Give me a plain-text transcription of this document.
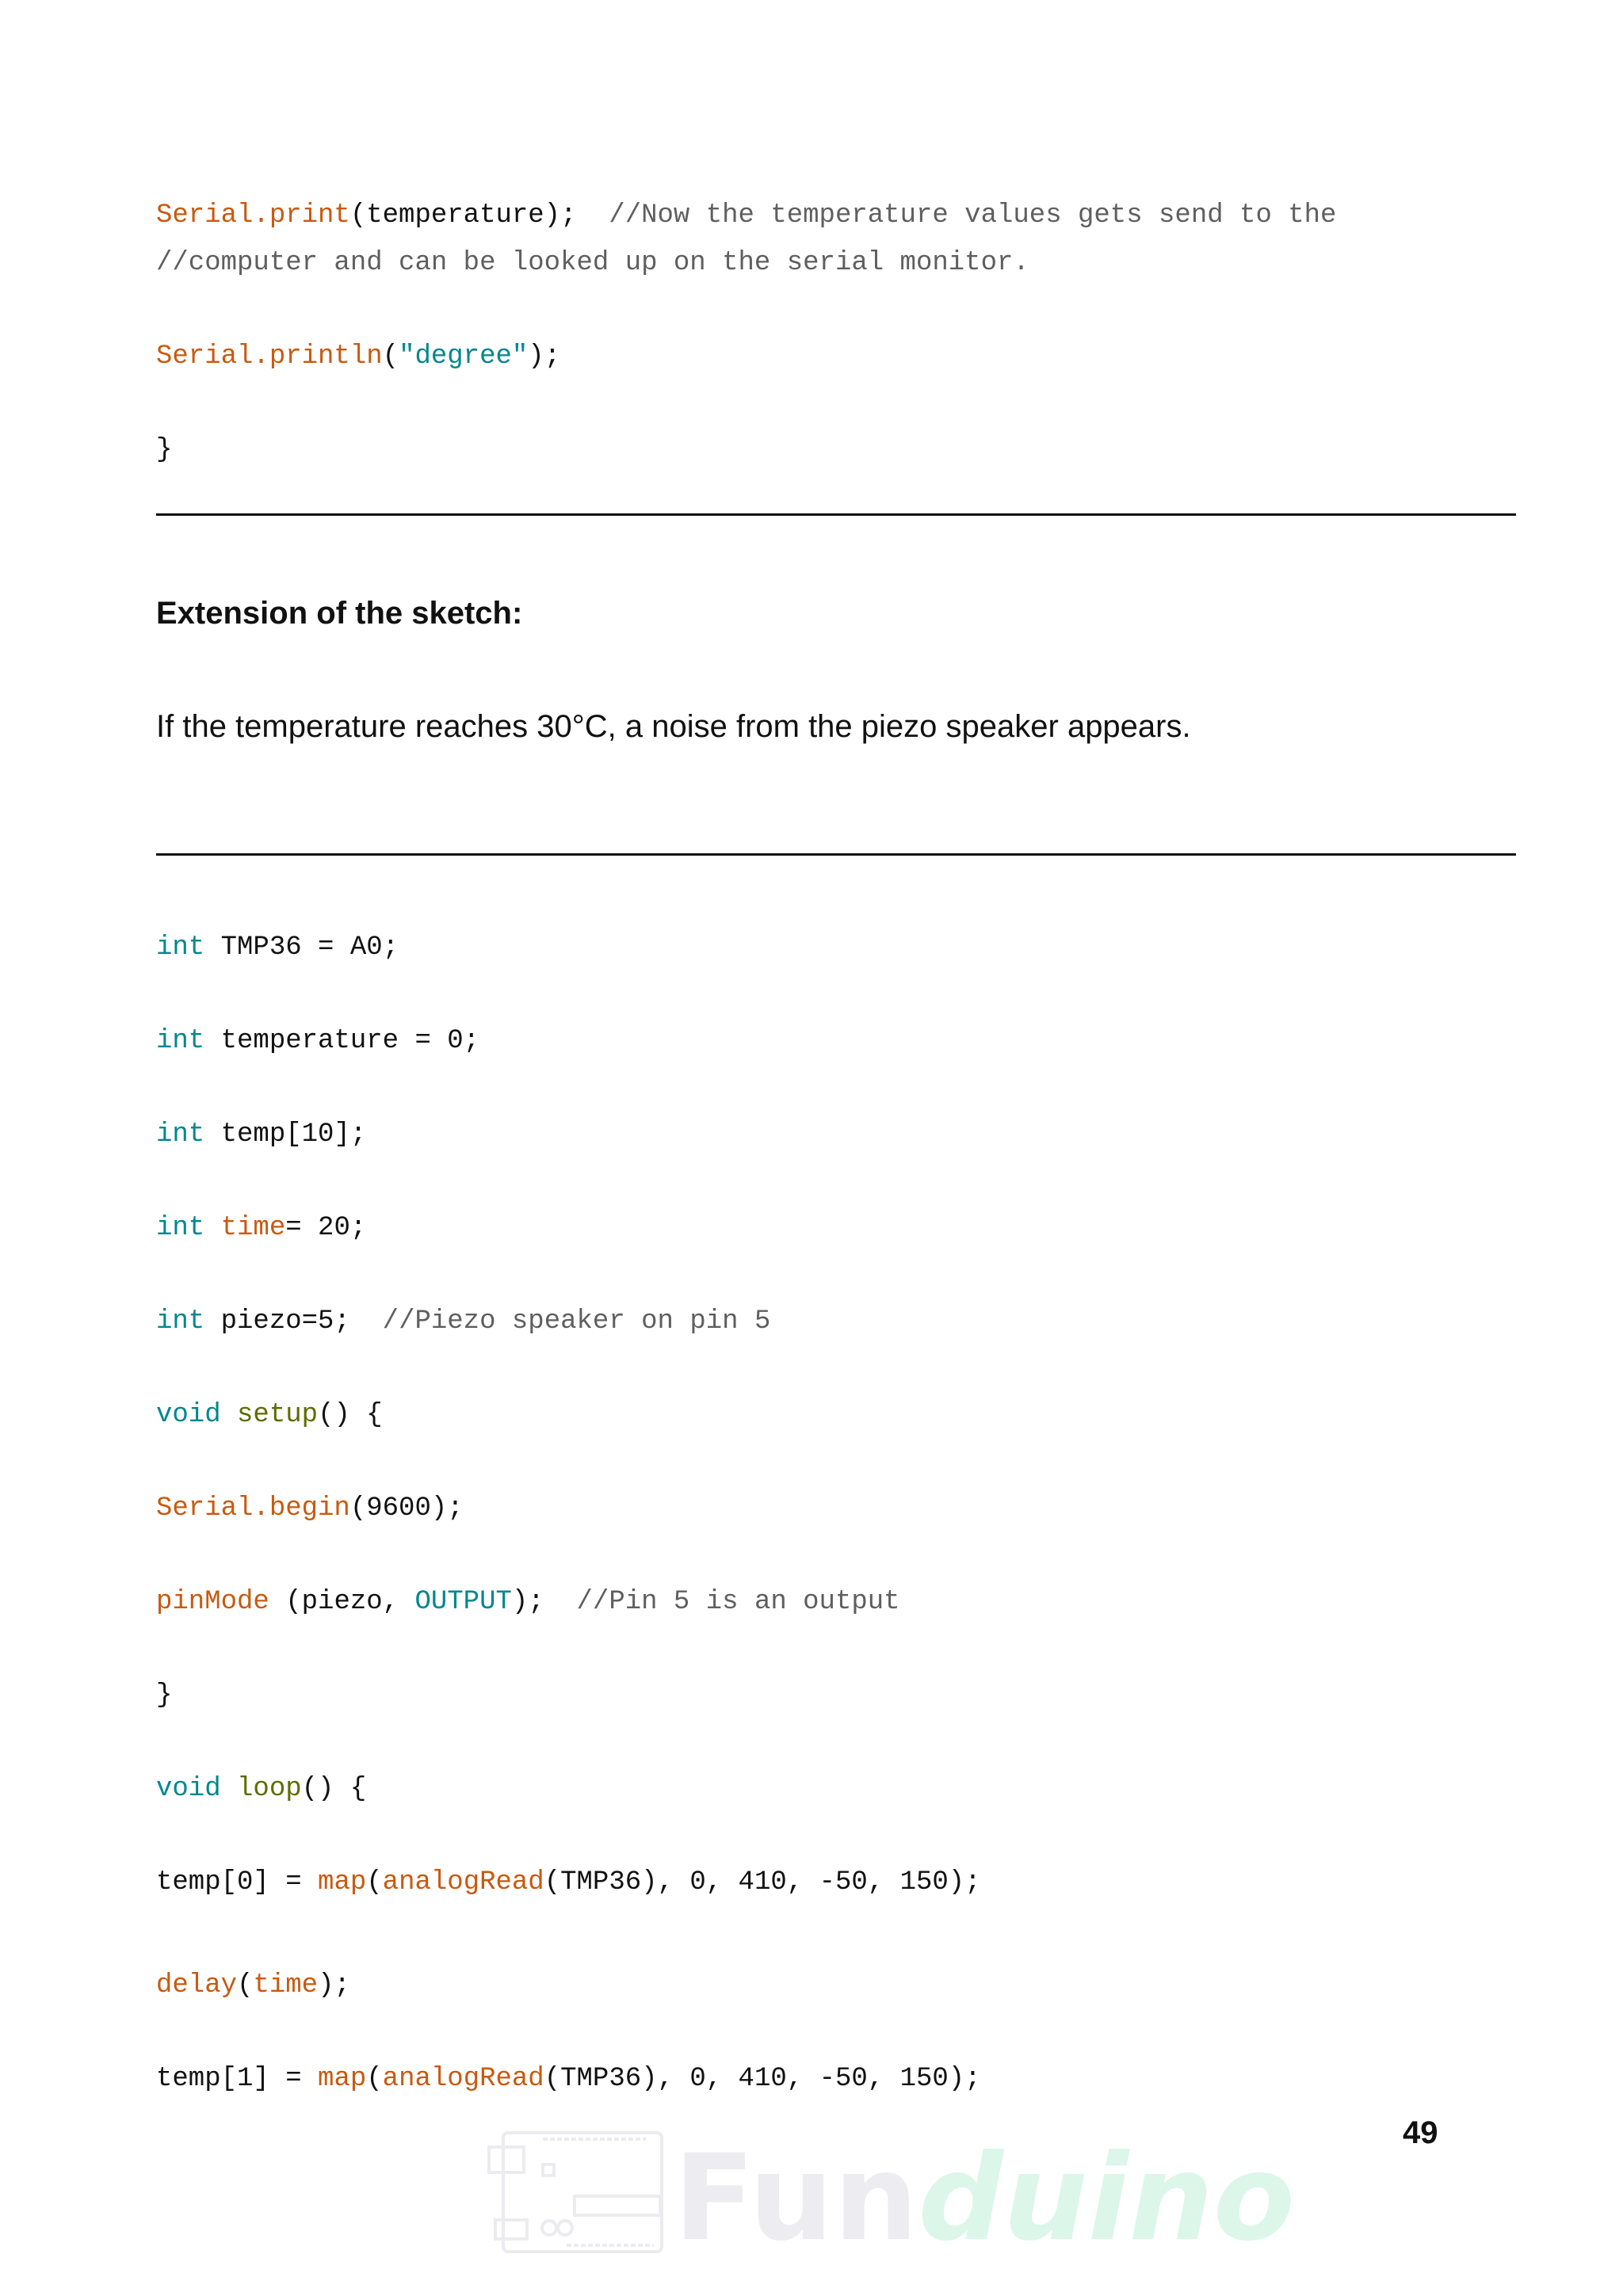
Serial.print(temperature);  //Now the temperature values gets send to the
//computer and can be looked up on the serial monitor.
Serial.println("degree");
}
Extension of the sketch:
If the temperature reaches 30°C, a noise from the piezo speaker appears.
int TMP36 = A0;
int temperature = 0;
int temp[10];
int time= 20;
int piezo=5;  //Piezo speaker on pin 5
void setup() {
Serial.begin(9600);
pinMode (piezo, OUTPUT);  //Pin 5 is an output
}
void loop() {
temp[0] = map(analogRead(TMP36), 0, 410, -50, 150);
delay(time);
temp[1] = map(analogRead(TMP36), 0, 410, -50, 150);
49
Funduino
